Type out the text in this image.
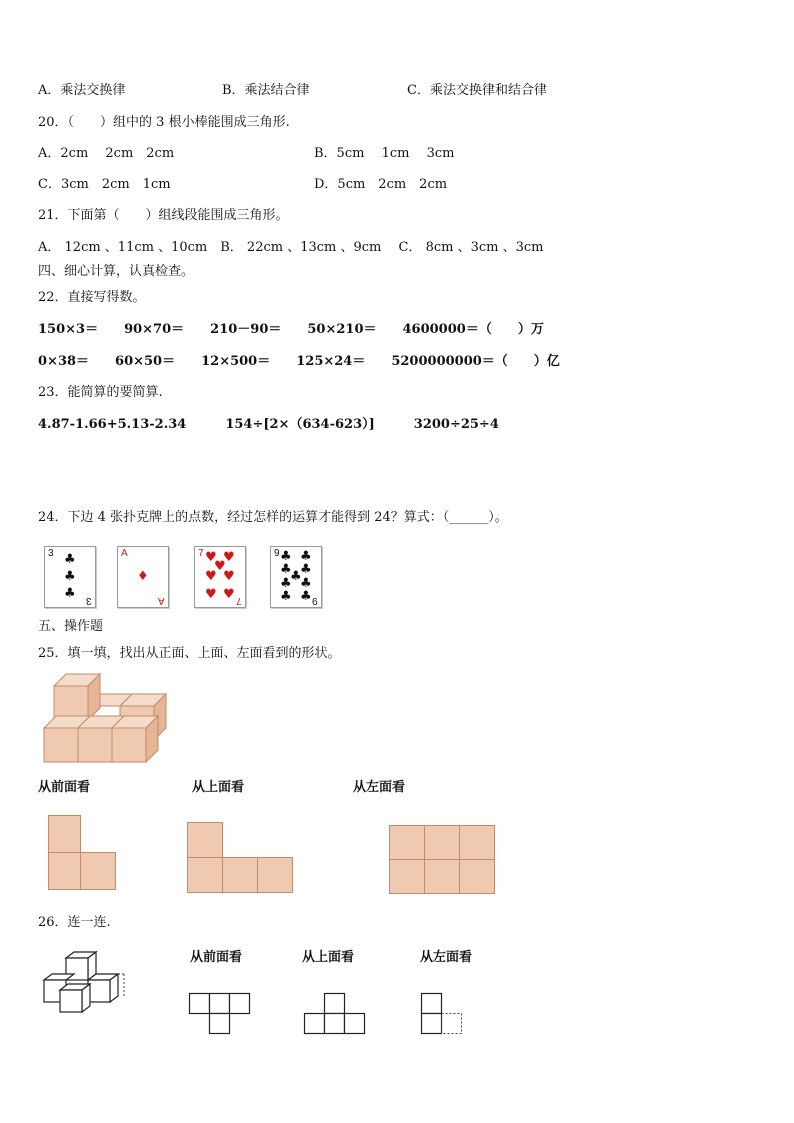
A．乘法交换律	B．乘法结合律	C．乘法交换律和结合律
20．（　　）组中的 3 根小棒能围成三角形.
A．2cm　 2cm　2cm	B．5cm　 1cm　 3cm
C．3cm　2cm　1cm	D．5cm　2cm　2cm
21．下面第（　　）组线段能围成三角形。
A． 12cm 、11cm 、10cm　B． 22cm 、13cm 、9cm　 C． 8cm 、3cm 、3cm
四、细心计算，认真检查。
22．直接写得数。
150×3＝　　90×70＝　　210－90＝　　50×210＝　　4600000＝（　　）万
0×38＝　　60×50＝　　12×500＝　　125×24＝　　5200000000＝（　　）亿
23．能简算的要简算.
4.87-1.66+5.13-2.34　　　154÷[2×（634-623）]　　　3200÷25÷4
24．下边 4 张扑克牌上的点数，经过怎样的运算才能得到 24？算式：（______）。
3 ♣
♣
♣ 3
A
♦
A
7 ♥ ♥
♥
♥ ♥
♥ ♥ 7
9 ♣ ♣
♣ ♣
♣
♣ ♣
♣ ♣ 9
五、操作题
25．填一填，找出从正面、上面、左面看到的形状。
从前面看	从上面看	从左面看
26．连一连.
从前面看	从上面看	从左面看
